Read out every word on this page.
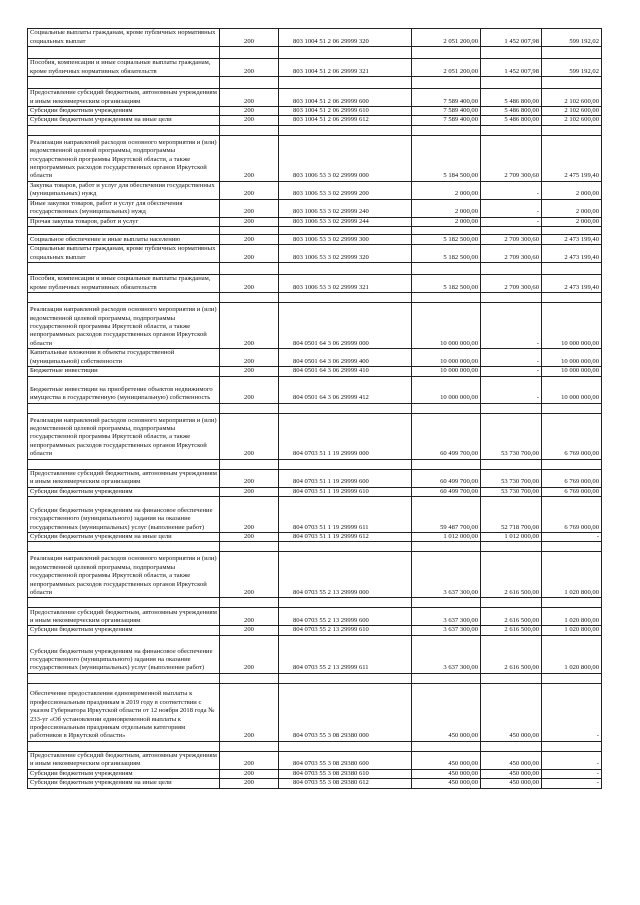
Социальные выплаты гражданам, кроме публичных нормативных социальных выплат	200	803 1004 51 2 06 29999 320	2 051 200,00	1 452 007,98	599 192,02

Пособия, компенсации и иные социальные выплаты гражданам, кроме публичных нормативных обязательств	200	803 1004 51 2 06 29999 321	2 051 200,00	1 452 007,98	599 192,02

Предоставление субсидий бюджетным, автономным учреждениям и иным некоммерческим организациям	200	803 1004 51 2 06 29999 600	7 589 400,00	5 486 800,00	2 102 600,00
Субсидии бюджетным учреждениям	200	803 1004 51 2 06 29999 610	7 589 400,00	5 486 800,00	2 102 600,00
Субсидии бюджетным учреждениям на иные цели	200	803 1004 51 2 06 29999 612	7 589 400,00	5 486 800,00	2 102 600,00

Реализация направлений расходов основного мероприятия и (или) ведомственной целевой программы, подпрограммы государственной программы Иркутской области, а также непрограммных расходов государственных органов Иркутской области	200	803 1006 53 3 02 29999 000	5 184 500,00	2 709 300,60	2 475 199,40
Закупка товаров, работ и услуг для обеспечения государственных (муниципальных) нужд	200	803 1006 53 3 02 29999 200	2 000,00	-	2 000,00
Иные закупки товаров, работ и услуг для обеспечения государственных (муниципальных) нужд	200	803 1006 53 3 02 29999 240	2 000,00	-	2 000,00
Прочая закупка товаров, работ и услуг	200	803 1006 53 3 02 29999 244	2 000,00	-	2 000,00

Социальное обеспечение и иные выплаты населению	200	803 1006 53 3 02 29999 300	5 182 500,00	2 709 300,60	2 473 199,40
Социальные выплаты гражданам, кроме публичных нормативных социальных выплат	200	803 1006 53 3 02 29999 320	5 182 500,00	2 709 300,60	2 473 199,40

Пособия, компенсации и иные социальные выплаты гражданам, кроме публичных нормативных обязательств	200	803 1006 53 3 02 29999 321	5 182 500,00	2 709 300,60	2 473 199,40

Реализация направлений расходов основного мероприятия и (или) ведомственной целевой программы, подпрограммы государственной программы Иркутской области, а также непрограммных расходов государственных органов Иркутской области	200	804 0501 64 3 06 29999 000	10 000 000,00	-	10 000 000,00
Капитальные вложения в объекты государственной (муниципальной) собственности	200	804 0501 64 3 06 29999 400	10 000 000,00	-	10 000 000,00
Бюджетные инвестиции	200	804 0501 64 3 06 29999 410	10 000 000,00	-	10 000 000,00
Бюджетные инвестиции на приобретение объектов недвижимого имущества в государственную (муниципальную) собственность	200	804 0501 64 3 06 29999 412	10 000 000,00	-	10 000 000,00

Реализация направлений расходов основного мероприятия и (или) ведомственной целевой программы, подпрограммы государственной программы Иркутской области, а также непрограммных расходов государственных органов Иркутской области	200	804 0703 51 1 19 29999 000	60 499 700,00	53 730 700,00	6 769 000,00

Предоставление субсидий бюджетным, автономным учреждениям и иным некоммерческим организациям	200	804 0703 51 1 19 29999 600	60 499 700,00	53 730 700,00	6 769 000,00
Субсидии бюджетным учреждениям	200	804 0703 51 1 19 29999 610	60 499 700,00	53 730 700,00	6 769 000,00
Субсидии бюджетным учреждениям на финансовое обеспечение государственного (муниципального) задания на оказание государственных (муниципальных) услуг (выполнение работ)	200	804 0703 51 1 19 29999 611	59 487 700,00	52 718 700,00	6 769 000,00
Субсидии бюджетным учреждениям на иные цели	200	804 0703 51 1 19 29999 612	1 012 000,00	1 012 000,00	-

Реализация направлений расходов основного мероприятия и (или) ведомственной целевой программы, подпрограммы государственной программы Иркутской области, а также непрограммных расходов государственных органов Иркутской области	200	804 0703 55 2 13 29999 000	3 637 300,00	2 616 500,00	1 020 800,00

Предоставление субсидий бюджетным, автономным учреждениям и иным некоммерческим организациям	200	804 0703 55 2 13 29999 600	3 637 300,00	2 616 500,00	1 020 800,00
Субсидии бюджетным учреждениям	200	804 0703 55 2 13 29999 610	3 637 300,00	2 616 500,00	1 020 800,00
Субсидии бюджетным учреждениям на финансовое обеспечение государственного (муниципального) задания на оказание государственных (муниципальных) услуг (выполнение работ)	200	804 0703 55 2 13 29999 611	3 637 300,00	2 616 500,00	1 020 800,00

Обеспечение предоставления единовременной выплаты к профессиональным праздникам в 2019 году в соответствии с указом Губернатора Иркутской области от 12 ноября 2018 года № 233-уг «Об установлении единовременной выплаты к профессиональным праздникам отдельным категориям работников в Иркутской области»	200	804 0703 55 3 08 29380 000	450 000,00	450 000,00	-

Предоставление субсидий бюджетным, автономным учреждениям и иным некоммерческим организациям	200	804 0703 55 3 08 29380 600	450 000,00	450 000,00	-
Субсидии бюджетным учреждениям	200	804 0703 55 3 08 29380 610	450 000,00	450 000,00	-
Субсидии бюджетным учреждениям на иные цели	200	804 0703 55 3 08 29380 612	450 000,00	450 000,00	-
